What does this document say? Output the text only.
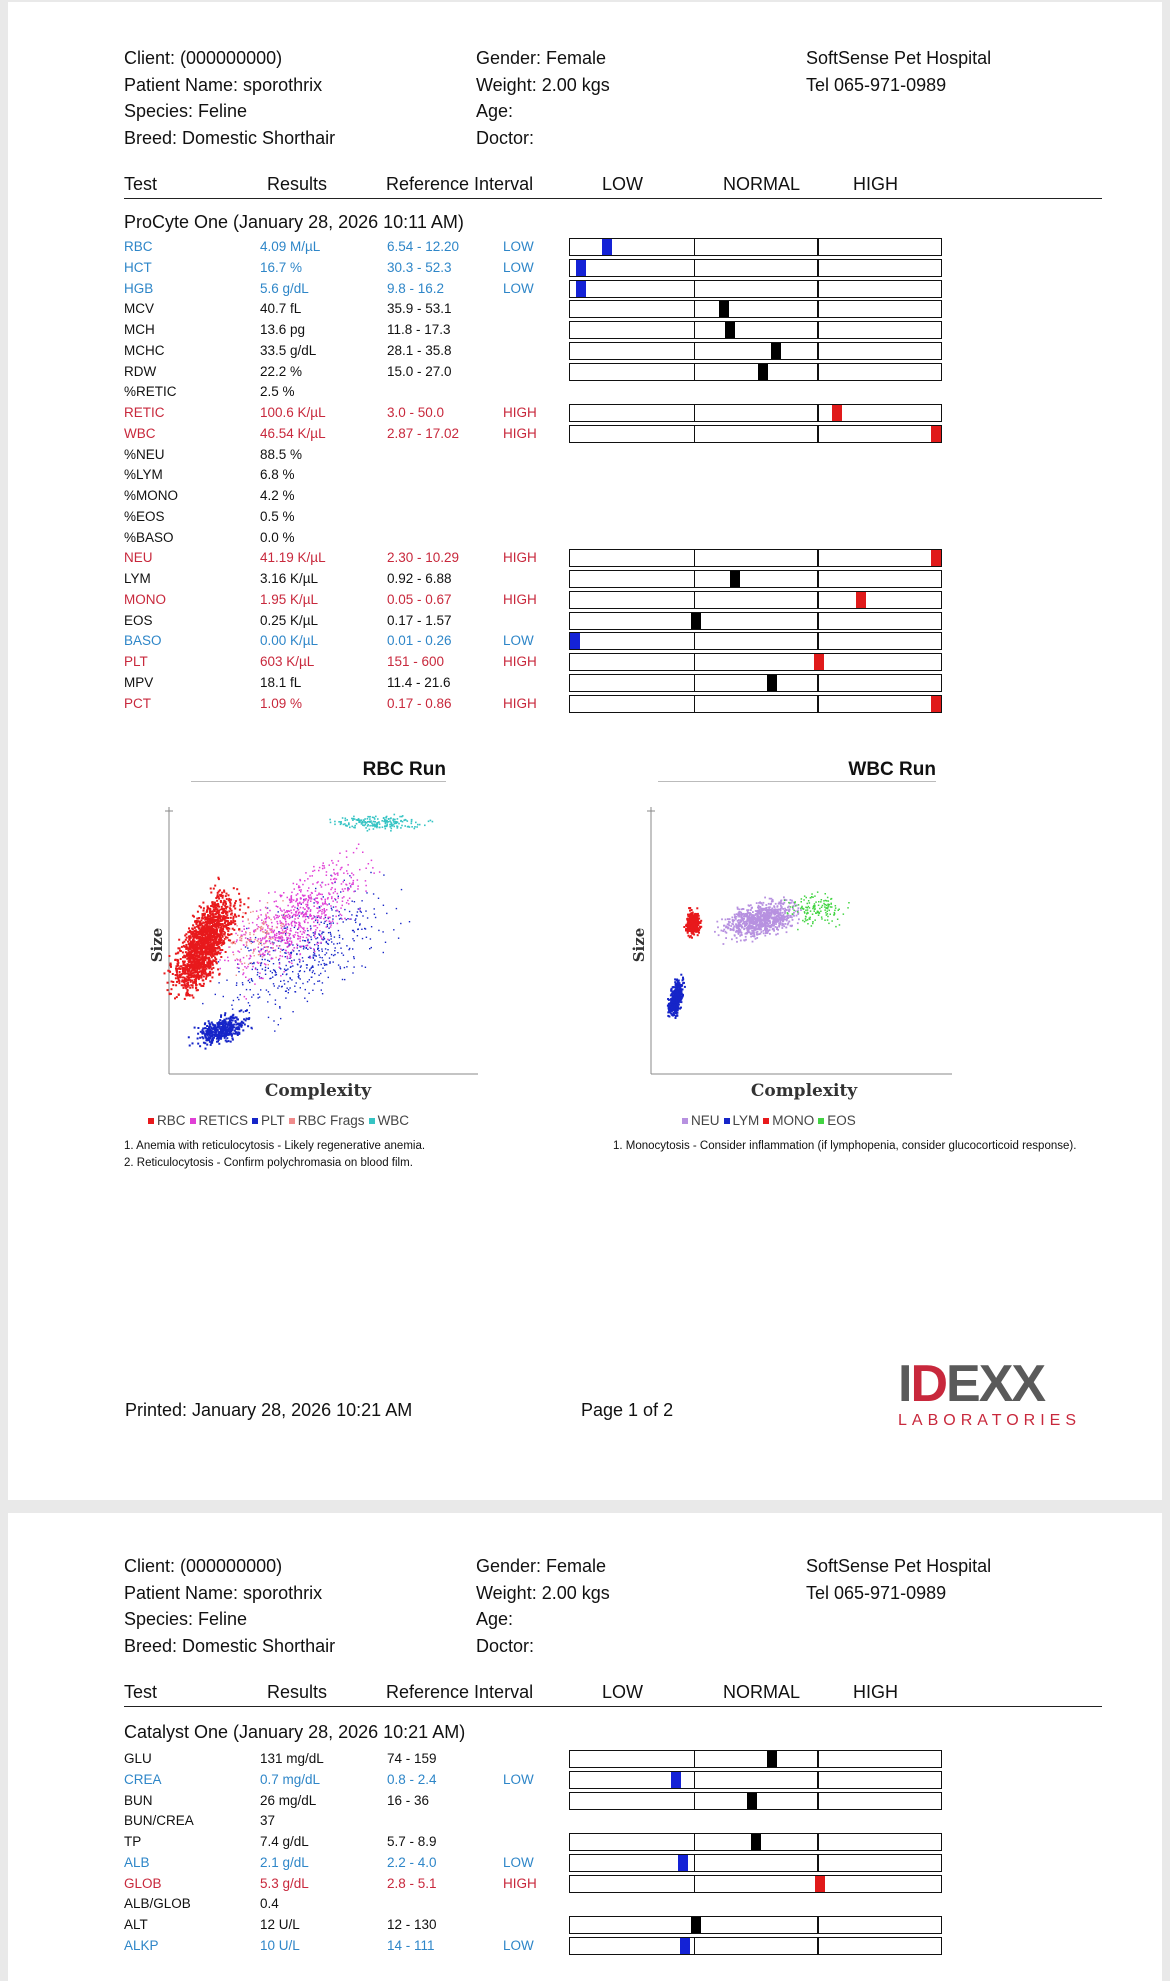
Client: (000000000)
Patient Name: sporothrix
Species: Feline
Breed: Domestic Shorthair
Gender: Female
Weight: 2.00 kgs
Age:
Doctor:
SoftSense Pet Hospital
Tel 065-971-0989
Test	Results	Reference Interval	LOW	NORMAL	HIGH
ProCyte One (January 28, 2026 10:11 AM)
RBC	4.09 M/µL	6.54 - 12.20	LOW
HCT	16.7 %	30.3 - 52.3	LOW
HGB	5.6 g/dL	9.8 - 16.2	LOW
MCV	40.7 fL	35.9 - 53.1
MCH	13.6 pg	11.8 - 17.3
MCHC	33.5 g/dL	28.1 - 35.8
RDW	22.2 %	15.0 - 27.0
%RETIC	2.5 %
RETIC	100.6 K/µL	3.0 - 50.0	HIGH
WBC	46.54 K/µL	2.87 - 17.02	HIGH
%NEU	88.5 %
%LYM	6.8 %
%MONO	4.2 %
%EOS	0.5 %
%BASO	0.0 %
NEU	41.19 K/µL	2.30 - 10.29	HIGH
LYM	3.16 K/µL	0.92 - 6.88
MONO	1.95 K/µL	0.05 - 0.67	HIGH
EOS	0.25 K/µL	0.17 - 1.57
BASO	0.00 K/µL	0.01 - 0.26	LOW
PLT	603 K/µL	151 - 600	HIGH
MPV	18.1 fL	11.4 - 21.6
PCT	1.09 %	0.17 - 0.86	HIGH
RBC Run
Size
Complexity
RBC RETICS PLT RBC Frags WBC
1. Anemia with reticulocytosis - Likely regenerative anemia.
2. Reticulocytosis - Confirm polychromasia on blood film.
WBC Run
Size
Complexity
NEU LYM MONO EOS
1. Monocytosis - Consider inflammation (if lymphopenia, consider glucocorticoid response).
Printed: January 28, 2026 10:21 AM	Page 1 of 2	IDEXX
LABORATORIES
Client: (000000000)
Patient Name: sporothrix
Species: Feline
Breed: Domestic Shorthair
Gender: Female
Weight: 2.00 kgs
Age:
Doctor:
SoftSense Pet Hospital
Tel 065-971-0989
Test	Results	Reference Interval	LOW	NORMAL	HIGH
Catalyst One (January 28, 2026 10:21 AM)
GLU	131 mg/dL	74 - 159
CREA	0.7 mg/dL	0.8 - 2.4	LOW
BUN	26 mg/dL	16 - 36
BUN/CREA	37
TP	7.4 g/dL	5.7 - 8.9
ALB	2.1 g/dL	2.2 - 4.0	LOW
GLOB	5.3 g/dL	2.8 - 5.1	HIGH
ALB/GLOB	0.4
ALT	12 U/L	12 - 130
ALKP	10 U/L	14 - 111	LOW
